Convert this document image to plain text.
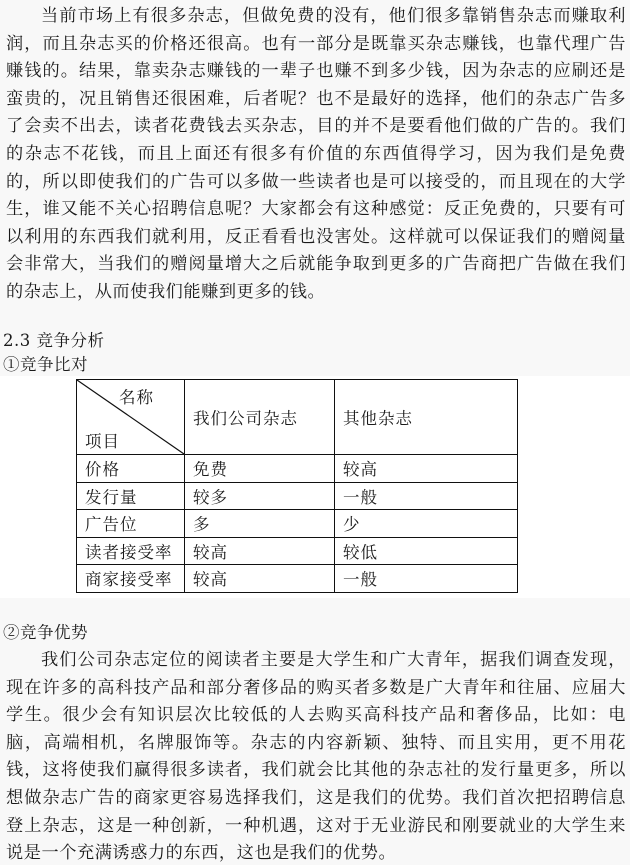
当前市场上有很多杂志，但做免费的没有，他们很多靠销售杂志而赚取利润，而且杂志买的价格还很高。也有一部分是既靠买杂志赚钱，也靠代理广告赚钱的。结果，靠卖杂志赚钱的一辈子也赚不到多少钱，因为杂志的应刷还是蛮贵的，况且销售还很困难，后者呢？也不是最好的选择，他们的杂志广告多了会卖不出去，读者花费钱去买杂志，目的并不是要看他们做的广告的。我们的杂志不花钱，而且上面还有很多有价值的东西值得学习，因为我们是免费的，所以即使我们的广告可以多做一些读者也是可以接受的，而且现在的大学生，谁又能不关心招聘信息呢？大家都会有这种感觉：反正免费的，只要有可以利用的东西我们就利用，反正看看也没害处。这样就可以保证我们的赠阅量会非常大，当我们的赠阅量增大之后就能争取到更多的广告商把广告做在我们的杂志上，从而使我们能赚到更多的钱。

2.3 竞争分析

①竞争比对

名称
项目	我们公司杂志	其他杂志
价格	免费	较高
发行量	较多	一般
广告位	多	少
读者接受率	较高	较低
商家接受率	较高	一般

②竞争优势

我们公司杂志定位的阅读者主要是大学生和广大青年，据我们调查发现，现在许多的高科技产品和部分奢侈品的购买者多数是广大青年和往届、应届大学生。很少会有知识层次比较低的人去购买高科技产品和奢侈品，比如：电脑，高端相机，名牌服饰等。杂志的内容新颖、独特、而且实用，更不用花钱，这将使我们赢得很多读者，我们就会比其他的杂志社的发行量更多，所以想做杂志广告的商家更容易选择我们，这是我们的优势。我们首次把招聘信息登上杂志，这是一种创新，一种机遇，这对于无业游民和刚要就业的大学生来说是一个充满诱惑力的东西，这也是我们的优势。
